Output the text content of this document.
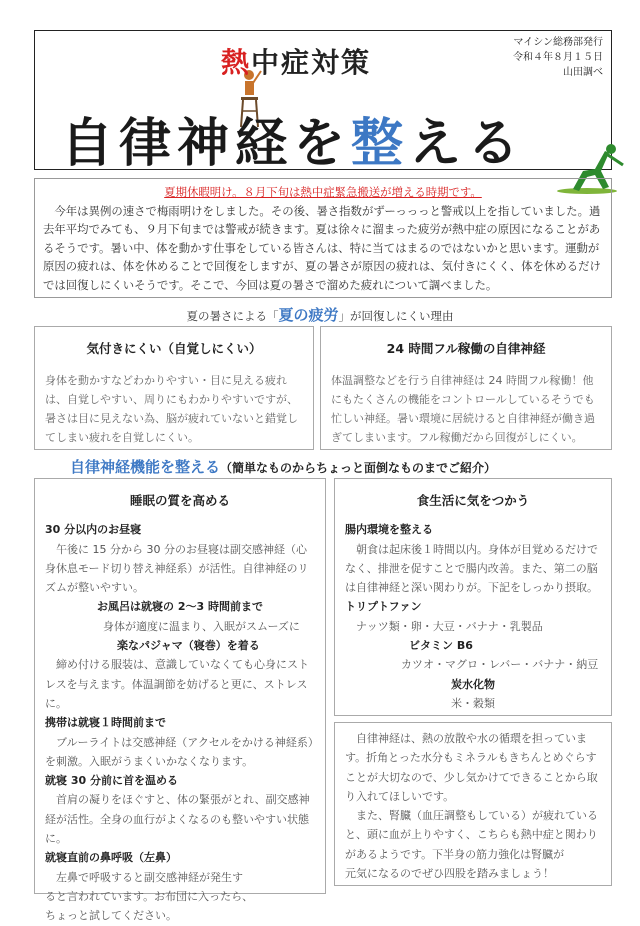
マイシン総務部発行
令和４年８月１５日
山田調べ
熱中症対策
自律神経を整える
夏期休暇明け。８月下旬は熱中症緊急搬送が増える時期です。

今年は異例の速さで梅雨明けをしました。その後、暑さ指数がずーっっっと警戒以上を指していました。過去年平均でみても、９月下旬までは警戒が続きます。夏は徐々に溜まった疲労が熱中症の原因になることがあるそうです。暑い中、体を動かす仕事をしている皆さんは、特に当てはまるのではないかと思います。運動が原因の疲れは、体を休めることで回復をしますが、夏の暑さが原因の疲れは、気付きにくく、体を休めるだけでは回復しにくいそうです。そこで、今回は夏の暑さで溜めた疲れについて調べました。

夏の暑さによる「夏の疲労」が回復しにくい理由
気付きにくい（自覚しにくい）
身体を動かすなどわかりやすい・目に見える疲れは、自覚しやすい、周りにもわかりやすいですが、暑さは目に見えない為、脳が疲れていないと錯覚してしまい疲れを自覚しにくい。
24 時間フル稼働の自律神経
体温調整などを行う自律神経は 24 時間フル稼働！他にもたくさんの機能をコントロールしているそうでも忙しい神経。暑い環境に居続けると自律神経が働き過ぎてしまいます。フル稼働だから回復がしにくい。
自律神経機能を整える（簡単なものからちょっと面倒なものまでご紹介）
睡眠の質を高める
30 分以内のお昼寝
午後に 15 分から 30 分のお昼寝は副交感神経（心身休息モード切り替え神経系）が活性。自律神経のリズムが整いやすい。
お風呂は就寝の 2～3 時間前まで
身体が適度に温まり、入眠がスムーズに
楽なパジャマ（寝巻）を着る
締め付ける服装は、意識していなくても心身にストレスを与えます。体温調節を妨げると更に、ストレスに。
携帯は就寝１時間前まで
ブルーライトは交感神経（アクセルをかける神経系）を刺激。入眠がうまくいかなくなります。
就寝 30 分前に首を温める
首肩の凝りをほぐすと、体の緊張がとれ、副交感神経が活性。全身の血行がよくなるのも整いやすい状態に。
就寝直前の鼻呼吸（左鼻）
左鼻で呼吸すると副交感神経が発生す
ると言われています。お布団に入ったら、
ちょっと試してください。
食生活に気をつかう
腸内環境を整える
朝食は起床後１時間以内。身体が目覚めるだけでなく、排泄を促すことで腸内改善。また、第二の脳は自律神経と深い関わりが。下記をしっかり摂取。
トリプトファン
ナッツ類・卵・大豆・バナナ・乳製品
ビタミン B6
カツオ・マグロ・レバー・バナナ・納豆
炭水化物
米・穀類
自律神経は、熱の放散や水の循環を担っています。折角とった水分もミネラルもきちんとめぐらすことが大切なので、少し気かけてできることから取り入れてほしいです。
また、腎臓（血圧調整もしている）が疲れていると、頭に血が上りやすく、こちらも熱中症と関わり
があるようです。下半身の筋力強化は腎臓が
元気になるのでぜひ四股を踏みましょう！
